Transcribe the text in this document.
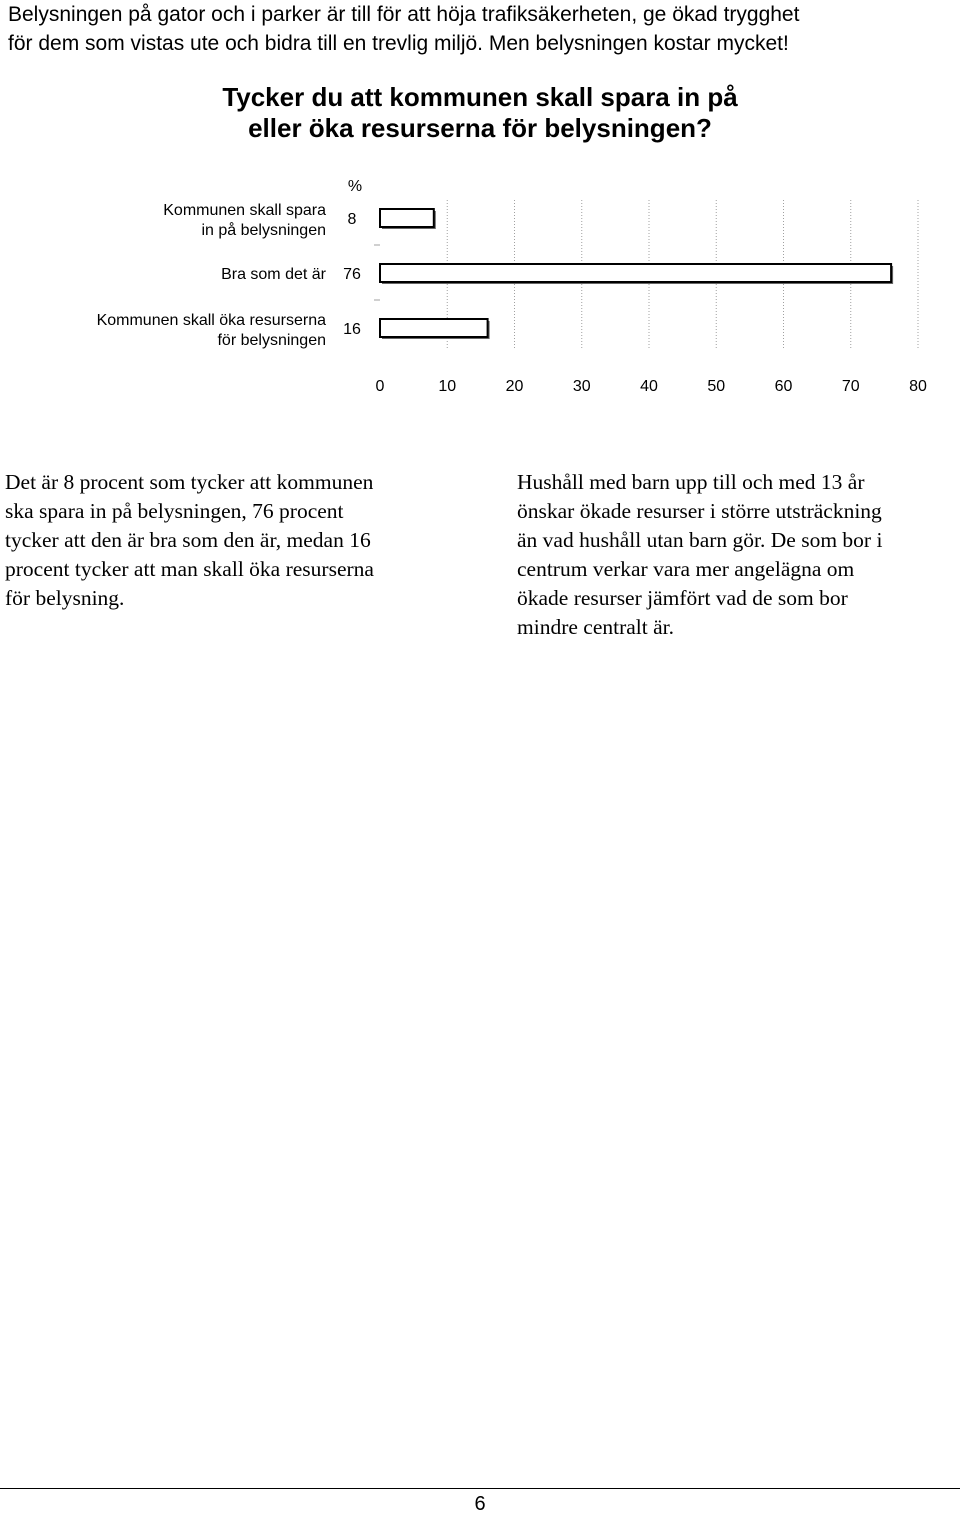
Belysningen på gator och i parker är till för att höja trafiksäkerheten, ge ökad trygghet

för dem som vistas ute och bidra till en trevlig miljö. Men belysningen kostar mycket!

Tycker du att kommunen skall spara in på

eller öka resurserna för belysningen?

%
8
Kommunen skall spara
in på belysningen
76
Bra som det är
16
Kommunen skall öka resurserna
för belysningen
0	10	20	30	40	50	60	70	80

Det är 8 procent som tycker att kommunen

ska spara in på belysningen, 76 procent

tycker att den är bra som den är, medan 16

procent tycker att man skall öka resurserna

för belysning.

Hushåll med barn upp till och med 13 år

önskar ökade resurser i större utsträckning

än vad hushåll utan barn gör. De som bor i

centrum verkar vara mer angelägna om

ökade resurser jämfört vad de som bor

mindre centralt är.

6
